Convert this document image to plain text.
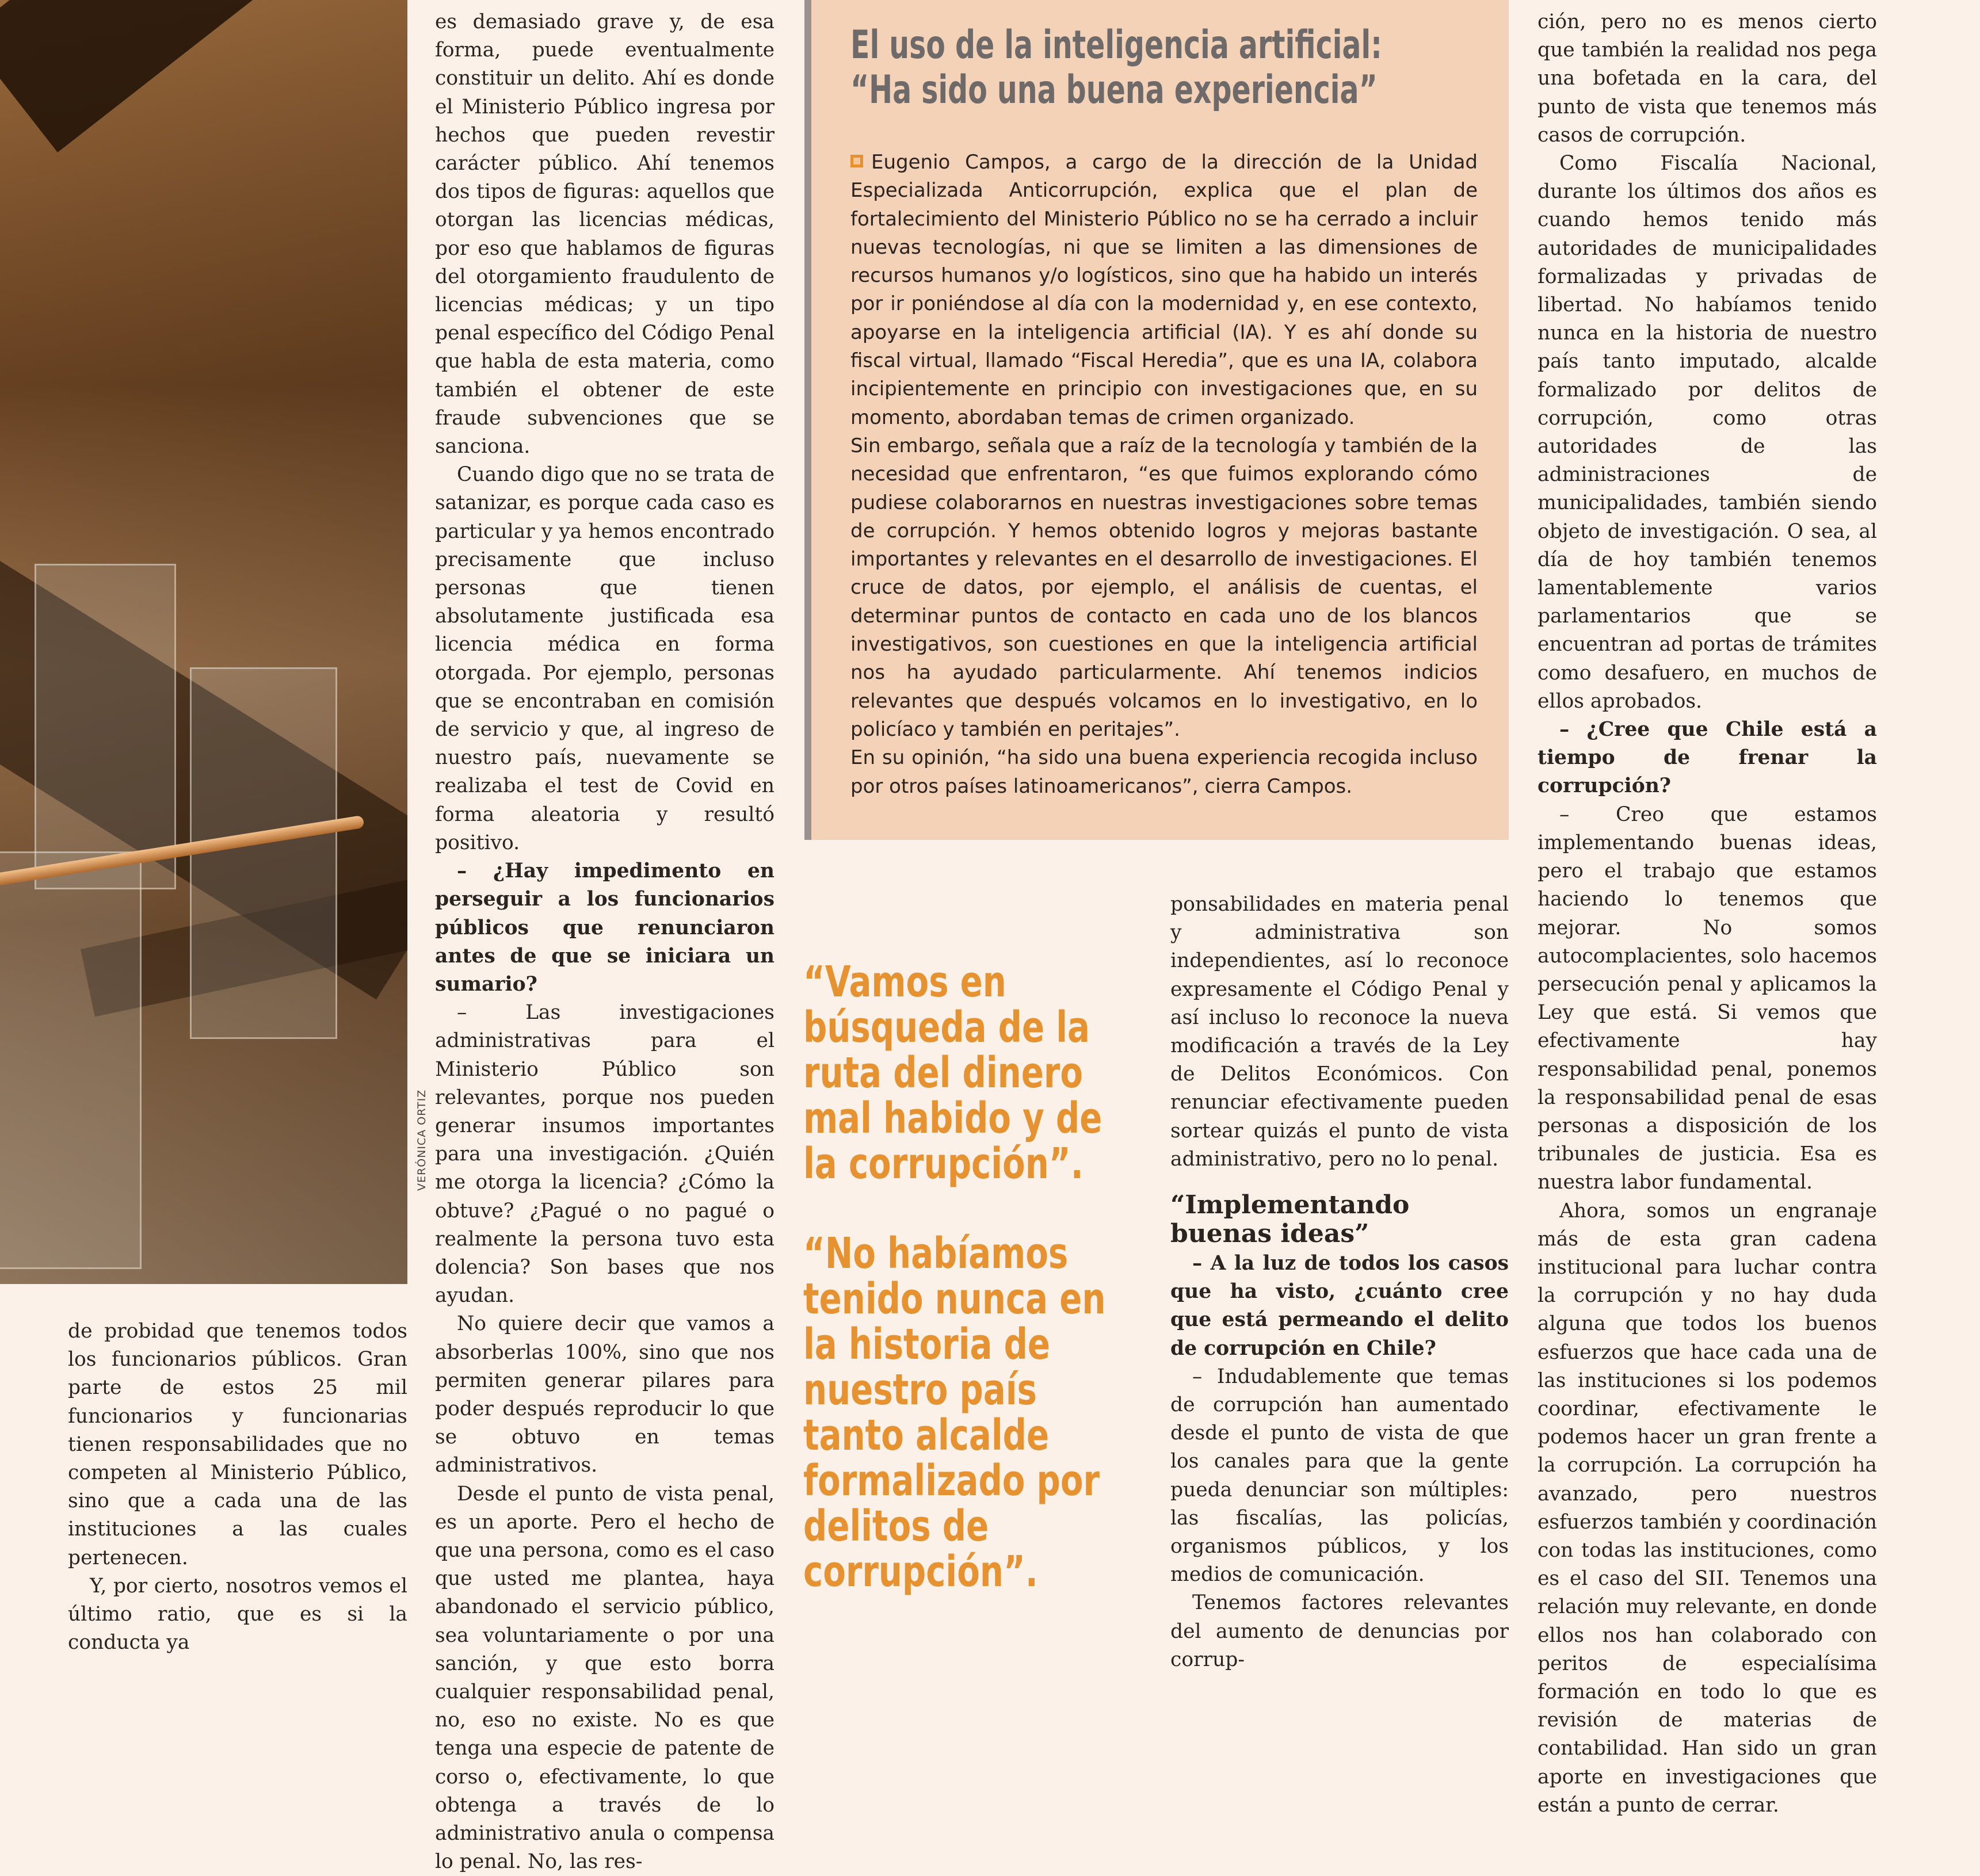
VERÓNICA ORTIZ

de probidad que tenemos todos los funcionarios públicos. Gran parte de estos 25 mil funcionarios y funcionarias tienen responsabilidades que no competen al Ministerio Público, sino que a cada una de las instituciones a las cuales pertenecen.

Y, por cierto, nosotros vemos el último ratio, que es si la conducta ya

es demasiado grave y, de esa forma, puede eventualmente constituir un delito. Ahí es donde el Ministerio Público ingresa por hechos que pueden revestir carácter público. Ahí tenemos dos tipos de figuras: aquellos que otorgan las licencias médicas, por eso que hablamos de figuras del otorgamiento fraudulento de licencias médicas; y un tipo penal específico del Código Penal que habla de esta materia, como también el obtener de este fraude subvenciones que se sanciona.

Cuando digo que no se trata de satanizar, es porque cada caso es particular y ya hemos encontrado precisamente que incluso personas que tienen absolutamente justificada esa licencia médica en forma otorgada. Por ejemplo, personas que se encontraban en comisión de servicio y que, al ingreso de nuestro país, nuevamente se realizaba el test de Covid en forma aleatoria y resultó positivo.

– ¿Hay impedimento en perseguir a los funcionarios públicos que renunciaron antes de que se iniciara un sumario?

– Las investigaciones administrativas para el Ministerio Público son relevantes, porque nos pueden generar insumos importantes para una investigación. ¿Quién me otorga la licencia? ¿Cómo la obtuve? ¿Pagué o no pagué o realmente la persona tuvo esta dolencia? Son bases que nos ayudan.

No quiere decir que vamos a absorberlas 100%, sino que nos permiten generar pilares para poder después reproducir lo que se obtuvo en temas administrativos.

Desde el punto de vista penal, es un aporte. Pero el hecho de que una persona, como es el caso que usted me plantea, haya abandonado el servicio público, sea voluntariamente o por una sanción, y que esto borra cualquier responsabilidad penal, no, eso no existe. No es que tenga una especie de patente de corso o, efectivamente, lo que obtenga a través de lo administrativo anula o compensa lo penal. No, las res-

El uso de la inteligencia artificial:
“Ha sido una buena experiencia”

Eugenio Campos, a cargo de la dirección de la Unidad Especializada Anticorrupción, explica que el plan de fortalecimiento del Ministerio Público no se ha cerrado a incluir nuevas tecnologías, ni que se limiten a las dimensiones de recursos humanos y/o logísticos, sino que ha habido un interés por ir poniéndose al día con la modernidad y, en ese contexto, apoyarse en la inteligencia artificial (IA). Y es ahí donde su fiscal virtual, llamado “Fiscal Heredia”, que es una IA, colabora incipientemente en principio con investigaciones que, en su momento, abordaban temas de crimen organizado.

Sin embargo, señala que a raíz de la tecnología y también de la necesidad que enfrentaron, “es que fuimos explorando cómo pudiese colaborarnos en nuestras investigaciones sobre temas de corrupción. Y hemos obtenido logros y mejoras bastante importantes y relevantes en el desarrollo de investigaciones. El cruce de datos, por ejemplo, el análisis de cuentas, el determinar puntos de contacto en cada uno de los blancos investigativos, son cuestiones en que la inteligencia artificial nos ha ayudado particularmente. Ahí tenemos indicios relevantes que después volcamos en lo investigativo, en lo policíaco y también en peritajes”.

En su opinión, “ha sido una buena experiencia recogida incluso por otros países latinoamericanos”, cierra Campos.

“Vamos en búsqueda de la ruta del dinero mal habido y de la corrupción”.
“No habíamos tenido nunca en la historia de nuestro país tanto alcalde formalizado por delitos de corrupción”.

ponsabilidades en materia penal y administrativa son independientes, así lo reconoce expresamente el Código Penal y así incluso lo reconoce la nueva modificación a través de la Ley de Delitos Económicos. Con renunciar efectivamente pueden sortear quizás el punto de vista administrativo, pero no lo penal.

“Implementando buenas ideas”

– A la luz de todos los casos que ha visto, ¿cuánto cree que está permeando el delito de corrupción en Chile?

– Indudablemente que temas de corrupción han aumentado desde el punto de vista de que los canales para que la gente pueda denunciar son múltiples: las fiscalías, las policías, organismos públicos, y los medios de comunicación.

Tenemos factores relevantes del aumento de denuncias por corrup-

ción, pero no es menos cierto que también la realidad nos pega una bofetada en la cara, del punto de vista que tenemos más casos de corrupción.

Como Fiscalía Nacional, durante los últimos dos años es cuando hemos tenido más autoridades de municipalidades formalizadas y privadas de libertad. No habíamos tenido nunca en la historia de nuestro país tanto imputado, alcalde formalizado por delitos de corrupción, como otras autoridades de las administraciones de municipalidades, también siendo objeto de investigación. O sea, al día de hoy también tenemos lamentablemente varios parlamentarios que se encuentran ad portas de trámites como desafuero, en muchos de ellos aprobados.

– ¿Cree que Chile está a tiempo de frenar la corrupción?

– Creo que estamos implementando buenas ideas, pero el trabajo que estamos haciendo lo tenemos que mejorar. No somos autocomplacientes, solo hacemos persecución penal y aplicamos la Ley que está. Si vemos que efectivamente hay responsabilidad penal, ponemos la responsabilidad penal de esas personas a disposición de los tribunales de justicia. Esa es nuestra labor fundamental.

Ahora, somos un engranaje más de esta gran cadena institucional para luchar contra la corrupción y no hay duda alguna que todos los buenos esfuerzos que hace cada una de las instituciones si los podemos coordinar, efectivamente le podemos hacer un gran frente a la corrupción. La corrupción ha avanzado, pero nuestros esfuerzos también y coordinación con todas las instituciones, como es el caso del SII. Tenemos una relación muy relevante, en donde ellos nos han colaborado con peritos de especialísima formación en todo lo que es revisión de materias de contabilidad. Han sido un gran aporte en investigaciones que están a punto de cerrar.
